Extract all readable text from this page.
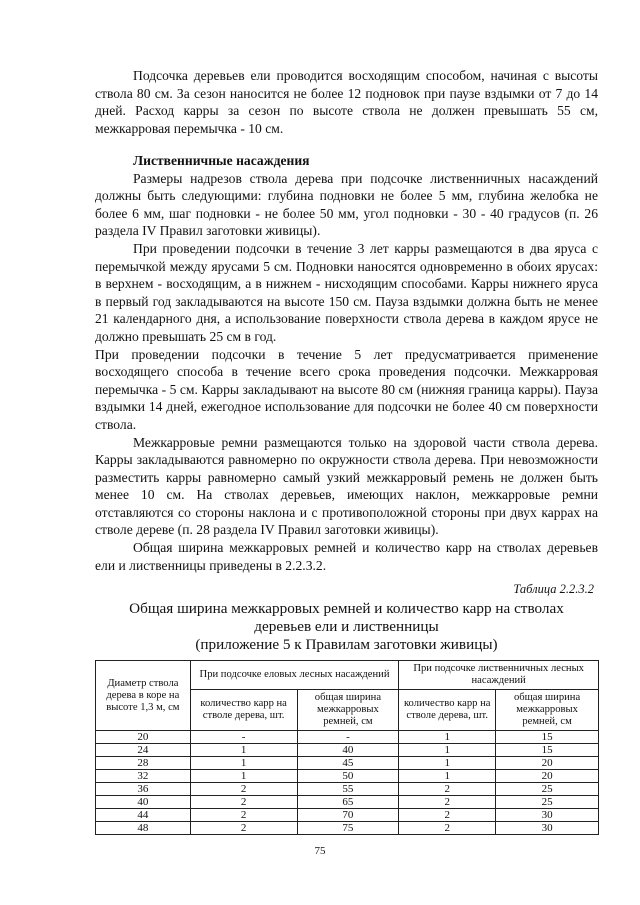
Подсочка деревьев ели проводится восходящим способом, начиная с высоты ствола 80 см. За сезон наносится не более 12 подновок при паузе вздымки от 7 до 14 дней. Расход карры за сезон по высоте ствола не должен превышать 55 см, межкарровая перемычка - 10 см.

Лиственничные насаждения

Размеры надрезов ствола дерева при подсочке лиственничных насаждений должны быть следующими: глубина подновки не более 5 мм, глубина желобка не более 6 мм, шаг подновки - не более 50 мм, угол подновки - 30 - 40 градусов (п. 26 раздела IV Правил заготовки живицы).

При проведении подсочки в течение 3 лет карры размещаются в два яруса с перемычкой между ярусами 5 см. Подновки наносятся одновременно в обоих ярусах: в верхнем - восходящим, а в нижнем - нисходящим способами. Карры нижнего яруса в первый год закладываются на высоте 150 см. Пауза вздымки должна быть не менее 21 календарного дня, а использование поверхности ствола дерева в каждом ярусе не должно превышать 25 см в год.

При проведении подсочки в течение 5 лет предусматривается применение восходящего способа в течение всего срока проведения подсочки. Межкарровая перемычка - 5 см. Карры закладывают на высоте 80 см (нижняя граница карры). Пауза вздымки 14 дней, ежегодное использование для подсочки не более 40 см поверхности ствола.

Межкарровые ремни размещаются только на здоровой части ствола дерева. Карры закладываются равномерно по окружности ствола дерева. При невозможности разместить карры равномерно самый узкий межкарровый ремень не должен быть менее 10 см. На стволах деревьев, имеющих наклон, межкарровые ремни отставляются со стороны наклона и с противоположной стороны при двух каррах на стволе дереве (п. 28 раздела IV Правил заготовки живицы).

Общая ширина межкарровых ремней и количество карр на стволах деревьев ели и лиственницы приведены в 2.2.3.2.

Таблица 2.2.3.2
Общая ширина межкарровых ремней и количество карр на стволах
деревьев ели и лиственницы
(приложение 5 к Правилам заготовки живицы)
Диаметр ствола дерева в коре на высоте 1,3 м, см	При подсочке еловых лесных насаждений		При подсочке лиственничных лесных насаждений	
	количество карр на стволе дерева, шт.	общая ширина межкарровых ремней, см	количество карр на стволе дерева, шт.	общая ширина межкарровых ремней, см
20	-	-	1	15
24	1	40	1	15
28	1	45	1	20
32	1	50	1	20
36	2	55	2	25
40	2	65	2	25
44	2	70	2	30
48	2	75	2	30
75
